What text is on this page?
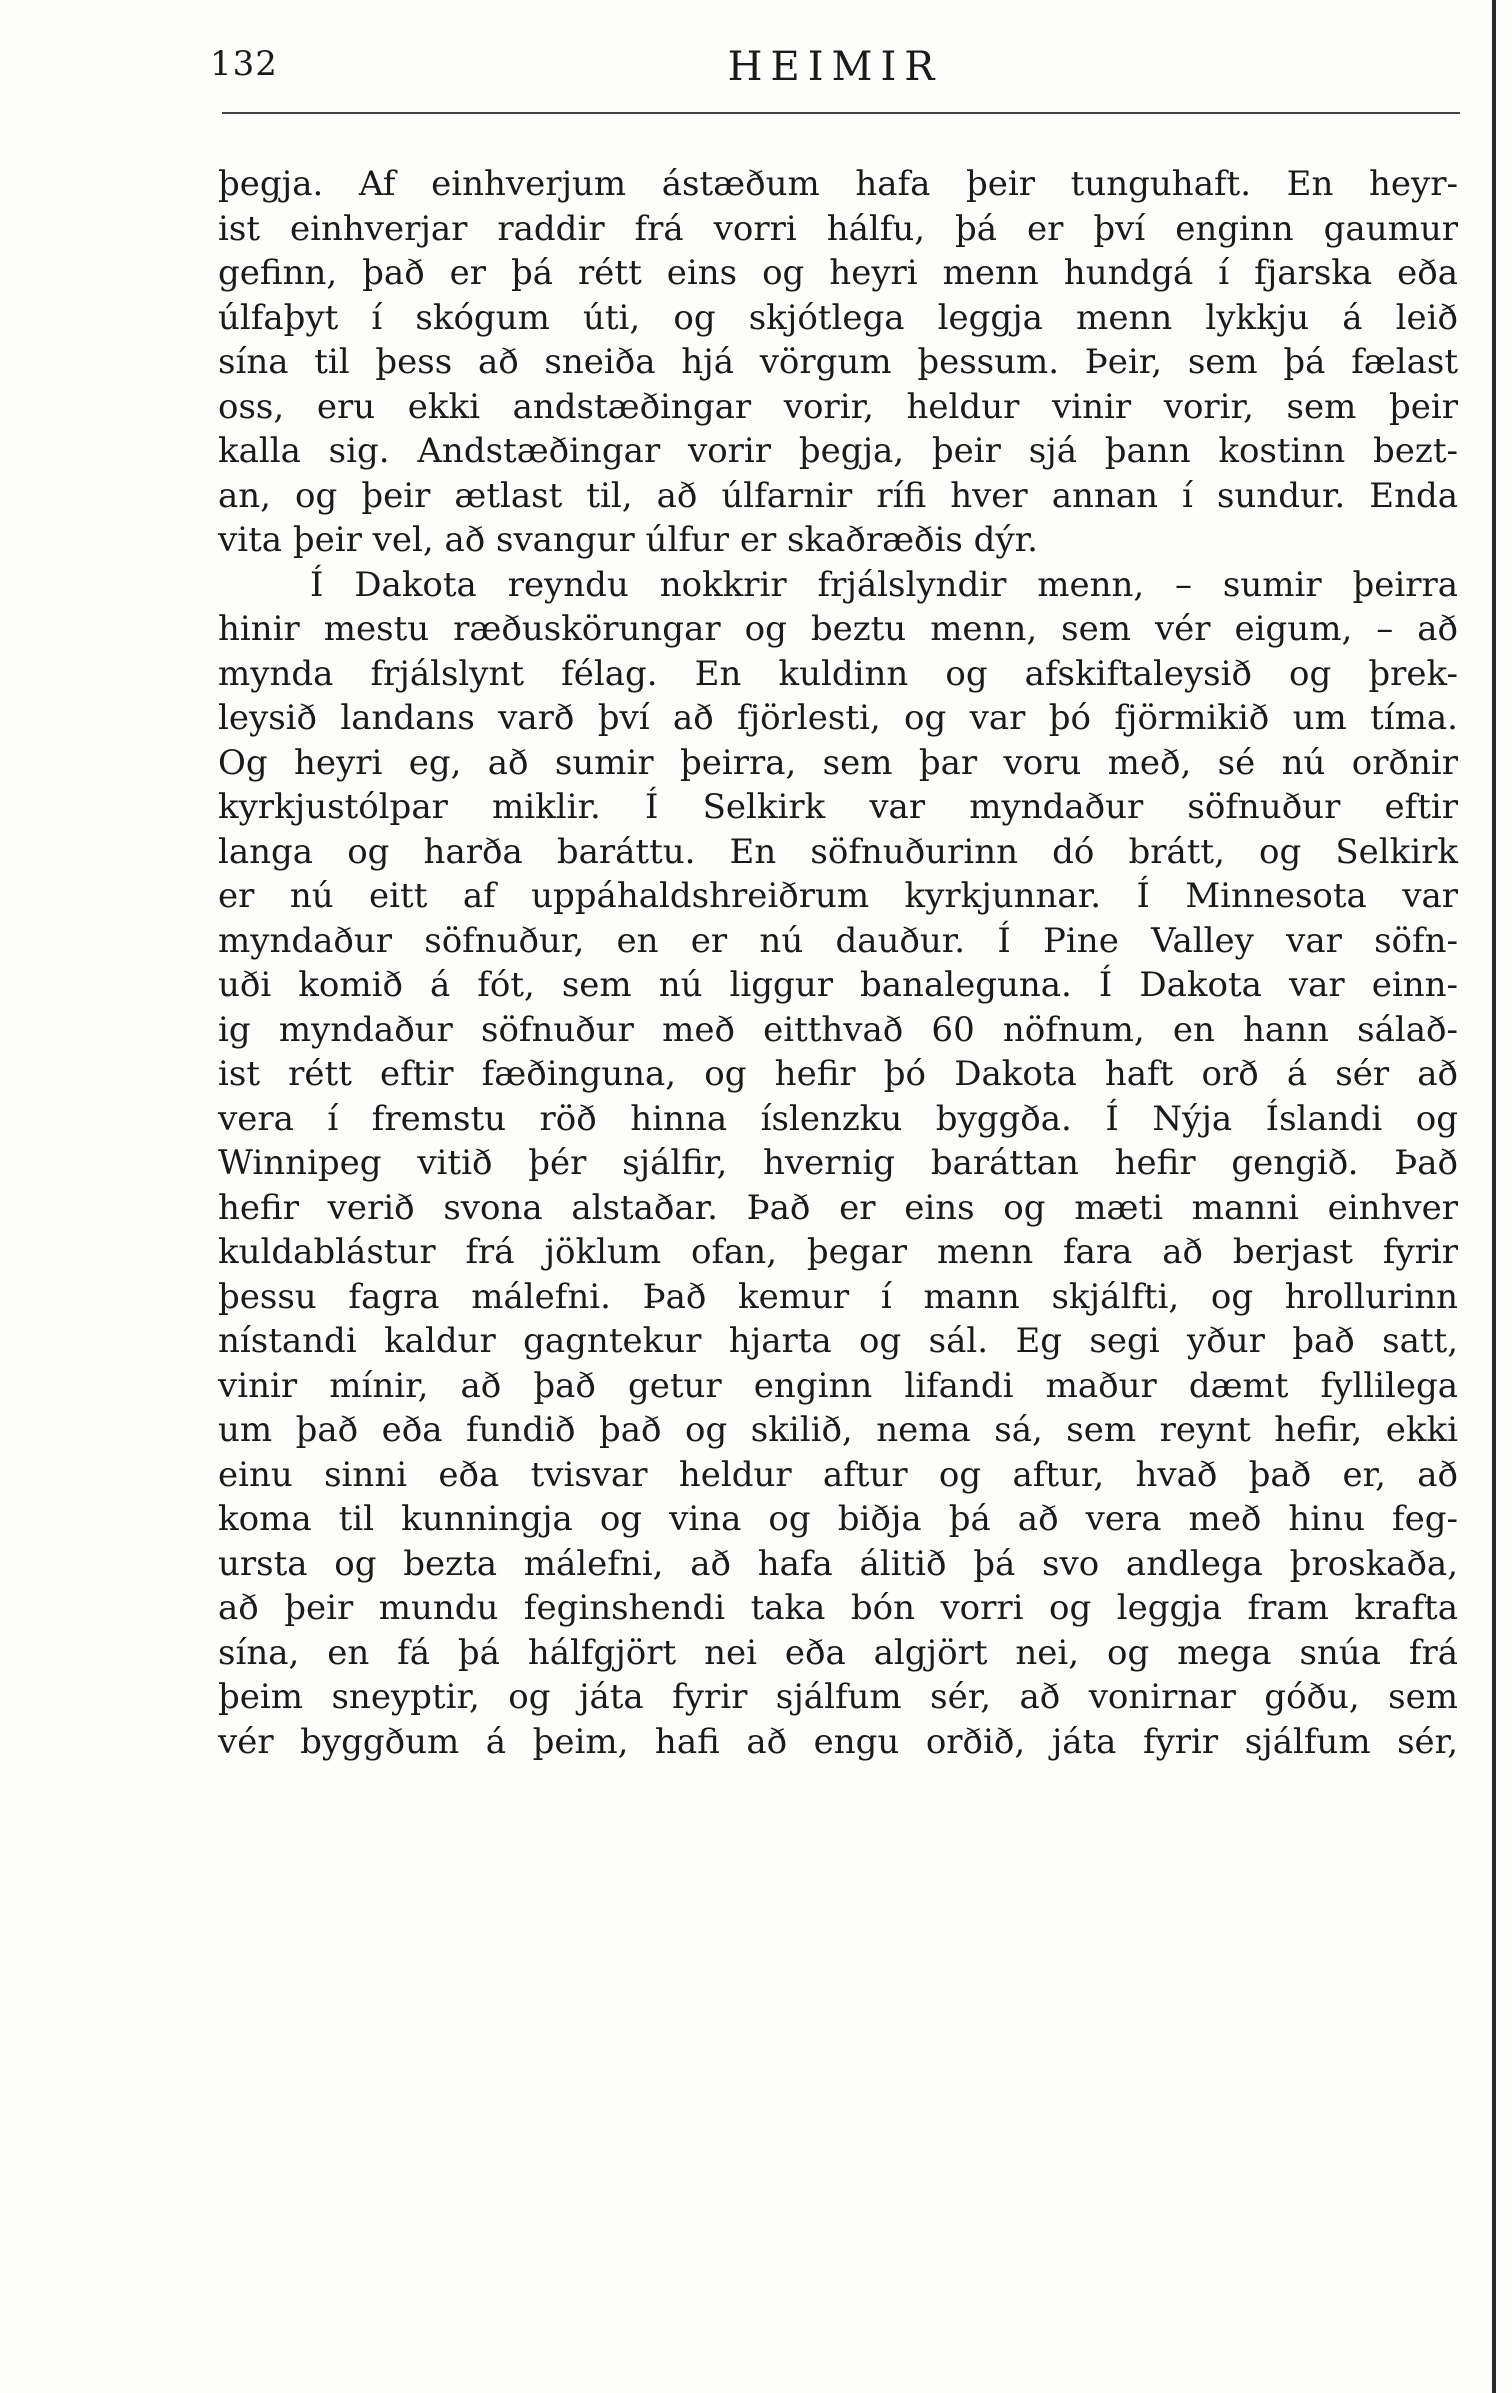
132	HEIMIR
þegja. Af einhverjum ástæðum hafa þeir tunguhaft. En heyr-
ist einhverjar raddir frá vorri hálfu, þá er því enginn gaumur
gefinn, það er þá rétt eins og heyri menn hundgá í fjarska eða
úlfaþyt í skógum úti, og skjótlega leggja menn lykkju á leið
sína til þess að sneiða hjá vörgum þessum. Þeir, sem þá fælast
oss, eru ekki andstæðingar vorir, heldur vinir vorir, sem þeir
kalla sig. Andstæðingar vorir þegja, þeir sjá þann kostinn bezt-
an, og þeir ætlast til, að úlfarnir rífi hver annan í sundur. Enda
vita þeir vel, að svangur úlfur er skaðræðis dýr.
Í Dakota reyndu nokkrir frjálslyndir menn, – sumir þeirra
hinir mestu ræðuskörungar og beztu menn, sem vér eigum, – að
mynda frjálslynt félag. En kuldinn og afskiftaleysið og þrek-
leysið landans varð því að fjörlesti, og var þó fjörmikið um tíma.
Og heyri eg, að sumir þeirra, sem þar voru með, sé nú orðnir
kyrkjustólpar miklir. Í Selkirk var myndaður söfnuður eftir
langa og harða baráttu. En söfnuðurinn dó brátt, og Selkirk
er nú eitt af uppáhaldshreiðrum kyrkjunnar. Í Minnesota var
myndaður söfnuður, en er nú dauður. Í Pine Valley var söfn-
uði komið á fót, sem nú liggur banaleguna. Í Dakota var einn-
ig myndaður söfnuður með eitthvað 60 nöfnum, en hann sálað-
ist rétt eftir fæðinguna, og hefir þó Dakota haft orð á sér að
vera í fremstu röð hinna íslenzku byggða. Í Nýja Íslandi og
Winnipeg vitið þér sjálfir, hvernig baráttan hefir gengið. Það
hefir verið svona alstaðar. Það er eins og mæti manni einhver
kuldablástur frá jöklum ofan, þegar menn fara að berjast fyrir
þessu fagra málefni. Það kemur í mann skjálfti, og hrollurinn
nístandi kaldur gagntekur hjarta og sál. Eg segi yður það satt,
vinir mínir, að það getur enginn lifandi maður dæmt fyllilega
um það eða fundið það og skilið, nema sá, sem reynt hefir, ekki
einu sinni eða tvisvar heldur aftur og aftur, hvað það er, að
koma til kunningja og vina og biðja þá að vera með hinu feg-
ursta og bezta málefni, að hafa álitið þá svo andlega þroskaða,
að þeir mundu feginshendi taka bón vorri og leggja fram krafta
sína, en fá þá hálfgjört nei eða algjört nei, og mega snúa frá
þeim sneyptir, og játa fyrir sjálfum sér, að vonirnar góðu, sem
vér byggðum á þeim, hafi að engu orðið, játa fyrir sjálfum sér,
